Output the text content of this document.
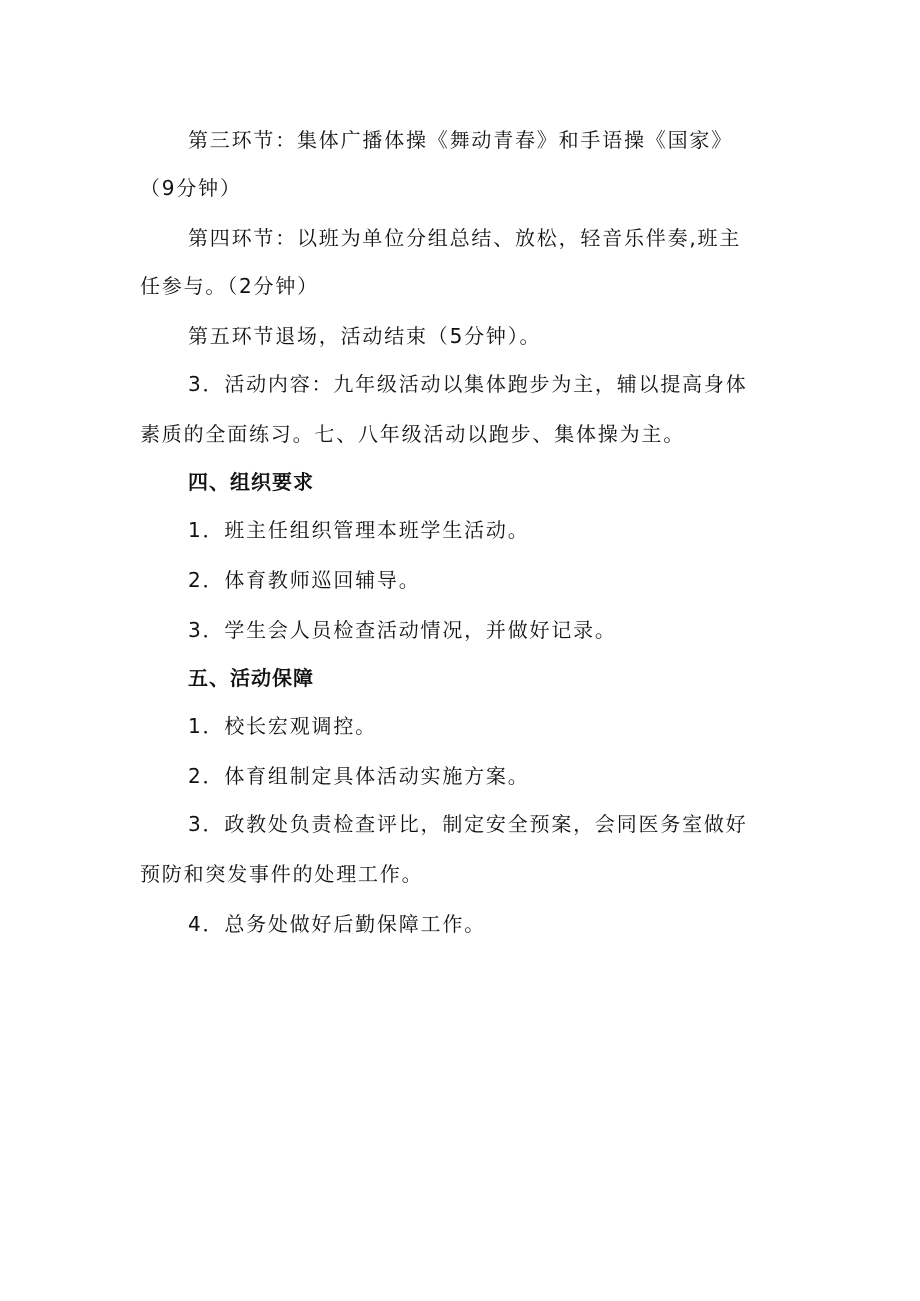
第三环节：集体广播体操《舞动青春》和手语操《国家》
（9分钟）
第四环节：以班为单位分组总结、放松，轻音乐伴奏,班主
任参与。（2分钟）
第五环节退场，活动结束（5分钟）。
3．活动内容：九年级活动以集体跑步为主，辅以提高身体
素质的全面练习。七、八年级活动以跑步、集体操为主。
四、组织要求
1．班主任组织管理本班学生活动。
2．体育教师巡回辅导。
3．学生会人员检查活动情况，并做好记录。
五、活动保障
1．校长宏观调控。
2．体育组制定具体活动实施方案。
3．政教处负责检查评比，制定安全预案，会同医务室做好
预防和突发事件的处理工作。
4．总务处做好后勤保障工作。
